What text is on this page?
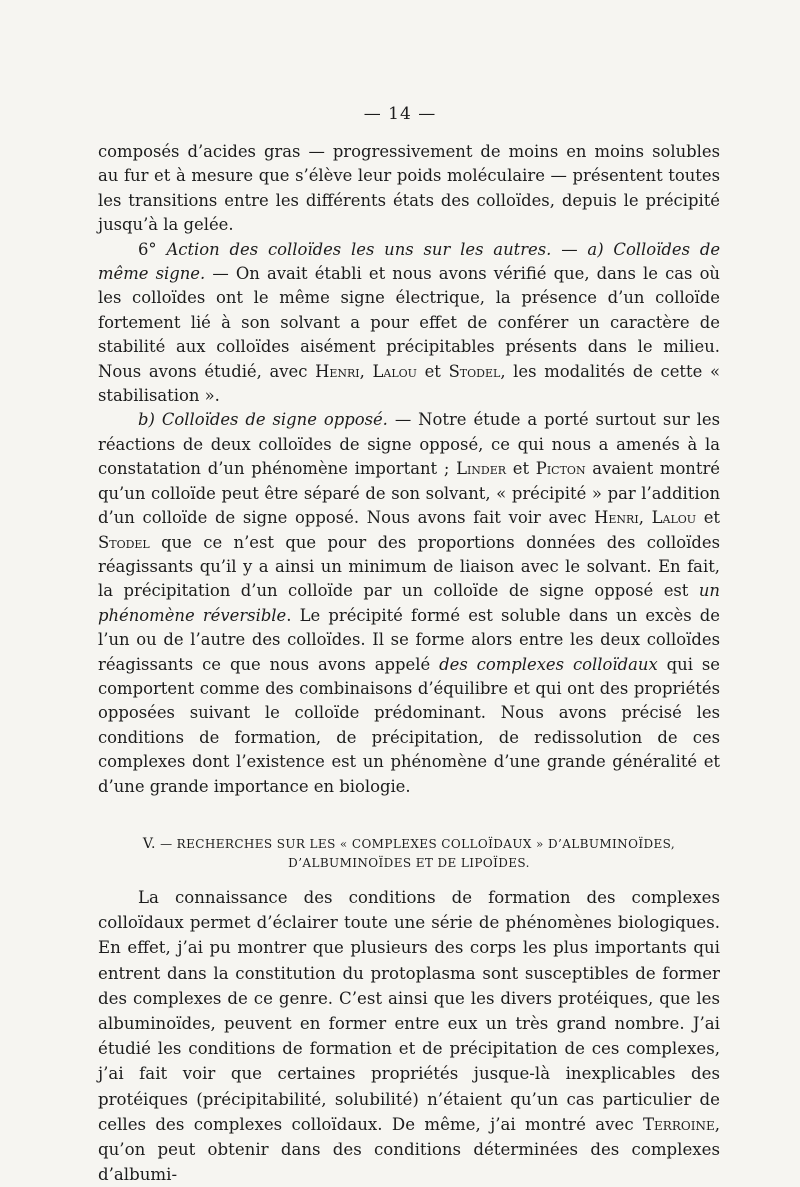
— 14 —

composés d’acides gras — progressivement de moins en moins solubles au fur et à mesure que s’élève leur poids moléculaire — présentent toutes les transitions entre les différents états des colloïdes, depuis le précipité jusqu’à la gelée.

6° Action des colloïdes les uns sur les autres. — a) Colloïdes de même signe. — On avait établi et nous avons vérifié que, dans le cas où les colloïdes ont le même signe électrique, la présence d’un colloïde fortement lié à son solvant a pour effet de conférer un caractère de stabilité aux colloïdes aisément précipitables présents dans le milieu. Nous avons étudié, avec Henri, Lalou et Stodel, les modalités de cette « stabilisation ».

b) Colloïdes de signe opposé. — Notre étude a porté surtout sur les réactions de deux colloïdes de signe opposé, ce qui nous a amenés à la constatation d’un phénomène important ; Linder et Picton avaient montré qu’un colloïde peut être séparé de son solvant, « précipité » par l’addition d’un colloïde de signe opposé. Nous avons fait voir avec Henri, Lalou et Stodel que ce n’est que pour des proportions données des colloïdes réagissants qu’il y a ainsi un minimum de liaison avec le solvant. En fait, la précipitation d’un colloïde par un colloïde de signe opposé est un phénomène réversible. Le précipité formé est soluble dans un excès de l’un ou de l’autre des colloïdes. Il se forme alors entre les deux colloïdes réagissants ce que nous avons appelé des complexes colloïdaux qui se comportent comme des combinaisons d’équilibre et qui ont des propriétés opposées suivant le colloïde prédominant. Nous avons précisé les conditions de formation, de précipitation, de redissolution de ces complexes dont l’existence est un phénomène d’une grande généralité et d’une grande importance en biologie.

V. — RECHERCHES SUR LES « COMPLEXES COLLOÏDAUX » D’ALBUMINOÏDES, D’ALBUMINOÏDES ET DE LIPOÏDES.

La connaissance des conditions de formation des complexes colloïdaux permet d’éclairer toute une série de phénomènes biologiques. En effet, j’ai pu montrer que plusieurs des corps les plus importants qui entrent dans la constitution du protoplasma sont susceptibles de former des complexes de ce genre. C’est ainsi que les divers protéiques, que les albuminoïdes, peuvent en former entre eux un très grand nombre. J’ai étudié les conditions de formation et de précipitation de ces complexes, j’ai fait voir que certaines propriétés jusque-là inexplicables des protéiques (précipitabilité, solubilité) n’étaient qu’un cas particulier de celles des complexes colloïdaux. De même, j’ai montré avec Terroine, qu’on peut obtenir dans des conditions déterminées des complexes d’albumi-
